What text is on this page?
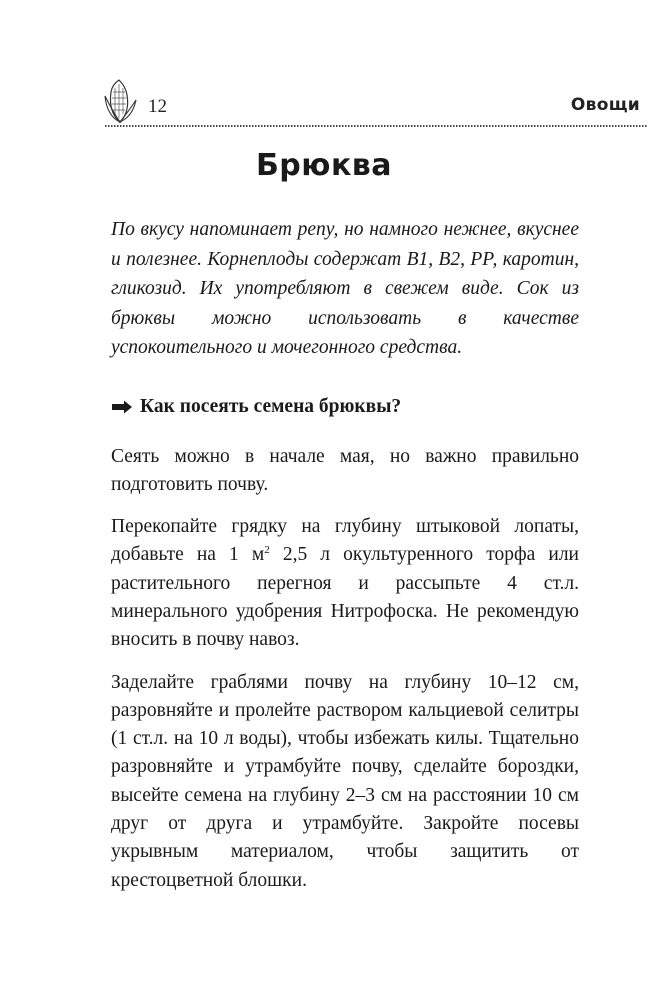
12	Овощи
Брюква

По вкусу напоминает репу, но намного нежнее, вкуснее и полезнее. Корнеплоды содержат В1, В2, РР, каротин, гликозид. Их употребляют в свежем виде. Сок из брюквы можно использовать в качестве успокоительного и мочегонного средства.

Как посеять семена брюквы?

Сеять можно в начале мая, но важно правильно подготовить почву.

Перекопайте грядку на глубину штыковой лопаты, добавьте на 1 $м^2$ 2,5 л окультуренного торфа или растительного перегноя и рассыпьте 4 ст.л. минерального удобрения Нитрофоска. Не рекомендую вносить в почву навоз.

Заделайте граблями почву на глубину 10–12 см, разровняйте и пролейте раствором кальциевой селитры (1 ст.л. на 10 л воды), чтобы избежать килы. Тщательно разровняйте и утрамбуйте почву, сделайте бороздки, высейте семена на глубину 2–3 см на расстоянии 10 см друг от друга и утрамбуйте. Закройте посевы укрывным материалом, чтобы защитить от крестоцветной блошки.
